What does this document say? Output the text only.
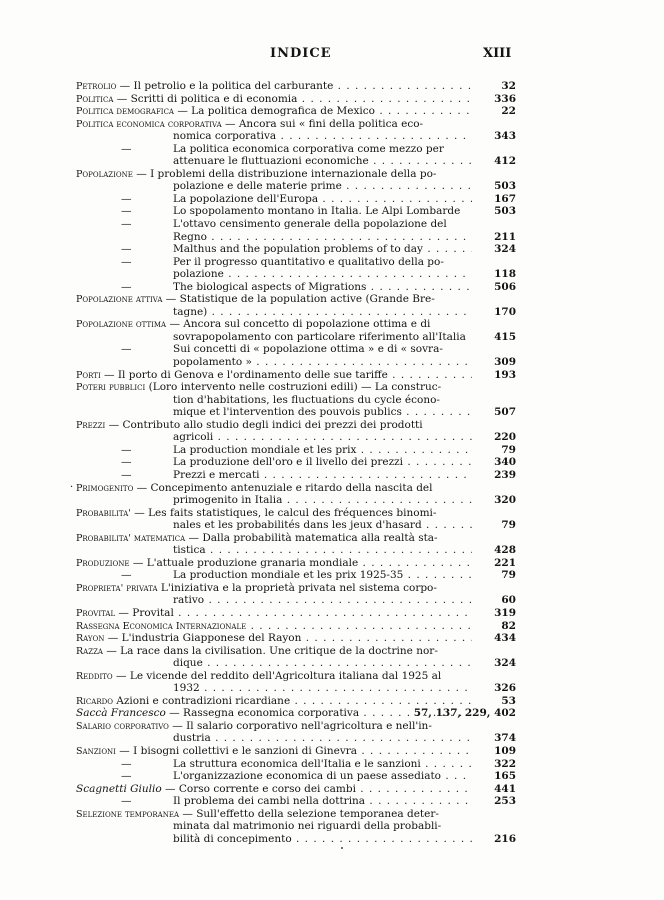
INDICE	XIII
Petrolio — Il petrolio e la politica del carburante . . .	32
Politica — Scritti di politica e di economia . . .	336
Politica demografica — La politica demografica de Mexico . . .	22
Politica economica corporativa — Ancora sui « fini della politica eco-
nomica corporativa . . .	343
—	La politica economica corporativa come mezzo per
attenuare le fluttuazioni economiche . . .	412
Popolazione — I problemi della distribuzione internazionale della po-
polazione e delle materie prime . . .	503
—	La popolazione dell'Europa . . .	167
—	Lo spopolamento montano in Italia. Le Alpi Lombarde	503
—	L'ottavo censimento generale della popolazione del
Regno . . .	211
—	Malthus and the population problems of to day . . .	324
—	Per il progresso quantitativo e qualitativo della po-
polazione . . .	118
—	The biological aspects of Migrations . . .	506
Popolazione attiva — Statistique de la population active (Grande Bre-
tagne) . . .	170
Popolazione ottima — Ancora sul concetto di popolazione ottima e di
sovrapopolamento con particolare riferimento all'Italia	415
—	Sui concetti di « popolazione ottima » e di « sovra-
popolamento » . . .	309
Porti — Il porto di Genova e l'ordinamento delle sue tariffe . . .	193
Poteri pubblici (Loro intervento nelle costruzioni edili) — La construc-
tion d'habitations, les fluctuations du cycle écono-
mique et l'intervention des pouvois publics . . .	507
Prezzi — Contributo allo studio degli indici dei prezzi dei prodotti
agricoli . . .	220
—	La production mondiale et les prix . . .	79
—	La produzione dell'oro e il livello dei prezzi . . .	340
—	Prezzi e mercati . . .	239
· Primogenito — Concepimento antenuziale e ritardo della nascita del
primogenito in Italia . . .	320
Probabilita' — Les faits statistiques, le calcul des fréquences binomi-
nales et les probabilités dans les jeux d'hasard . . .	79
Probabilita' matematica — Dalla probabilità matematica alla realtà sta-
tistica . . .	428
Produzione — L'attuale produzione granaria mondiale . . .	221
—	La production mondiale et les prix 1925-35 . . .	79
Proprieta' privata L'iniziativa e la proprietà privata nel sistema corpo-
rativo . . .	60
Provital — Provital . . .	319
Rassegna Economica Internazionale . . .	82
Rayon — L'industria Giapponese del Rayon . . .	434
Razza — La race dans la civilisation. Une critique de la doctrine nor-
dique . . .	324
Reddito — Le vicende del reddito dell'Agricoltura italiana dal 1925 al
1932 . . .	326
Ricardo Azioni e contradizioni ricardiane . . .	53
Saccà Francesco — Rassegna economica corporativa . . .	57, 137, 229, 402
Salario corporativo — Il salario corporativo nell'agricoltura e nell'in-
dustria . . .	374
Sanzioni — I bisogni collettivi e le sanzioni di Ginevra . . .	109
—	La struttura economica dell'Italia e le sanzioni . . .	322
—	L'organizzazione economica di un paese assediato . . .	165
Scagnetti Giulio — Corso corrente e corso dei cambi . . .	441
—	Il problema dei cambi nella dottrina . . .	253
Selezione temporanea — Sull'effetto della selezione temporanea deter-
minata dal matrimonio nei riguardi della probabli-
bilità di concepimento . . .	216
